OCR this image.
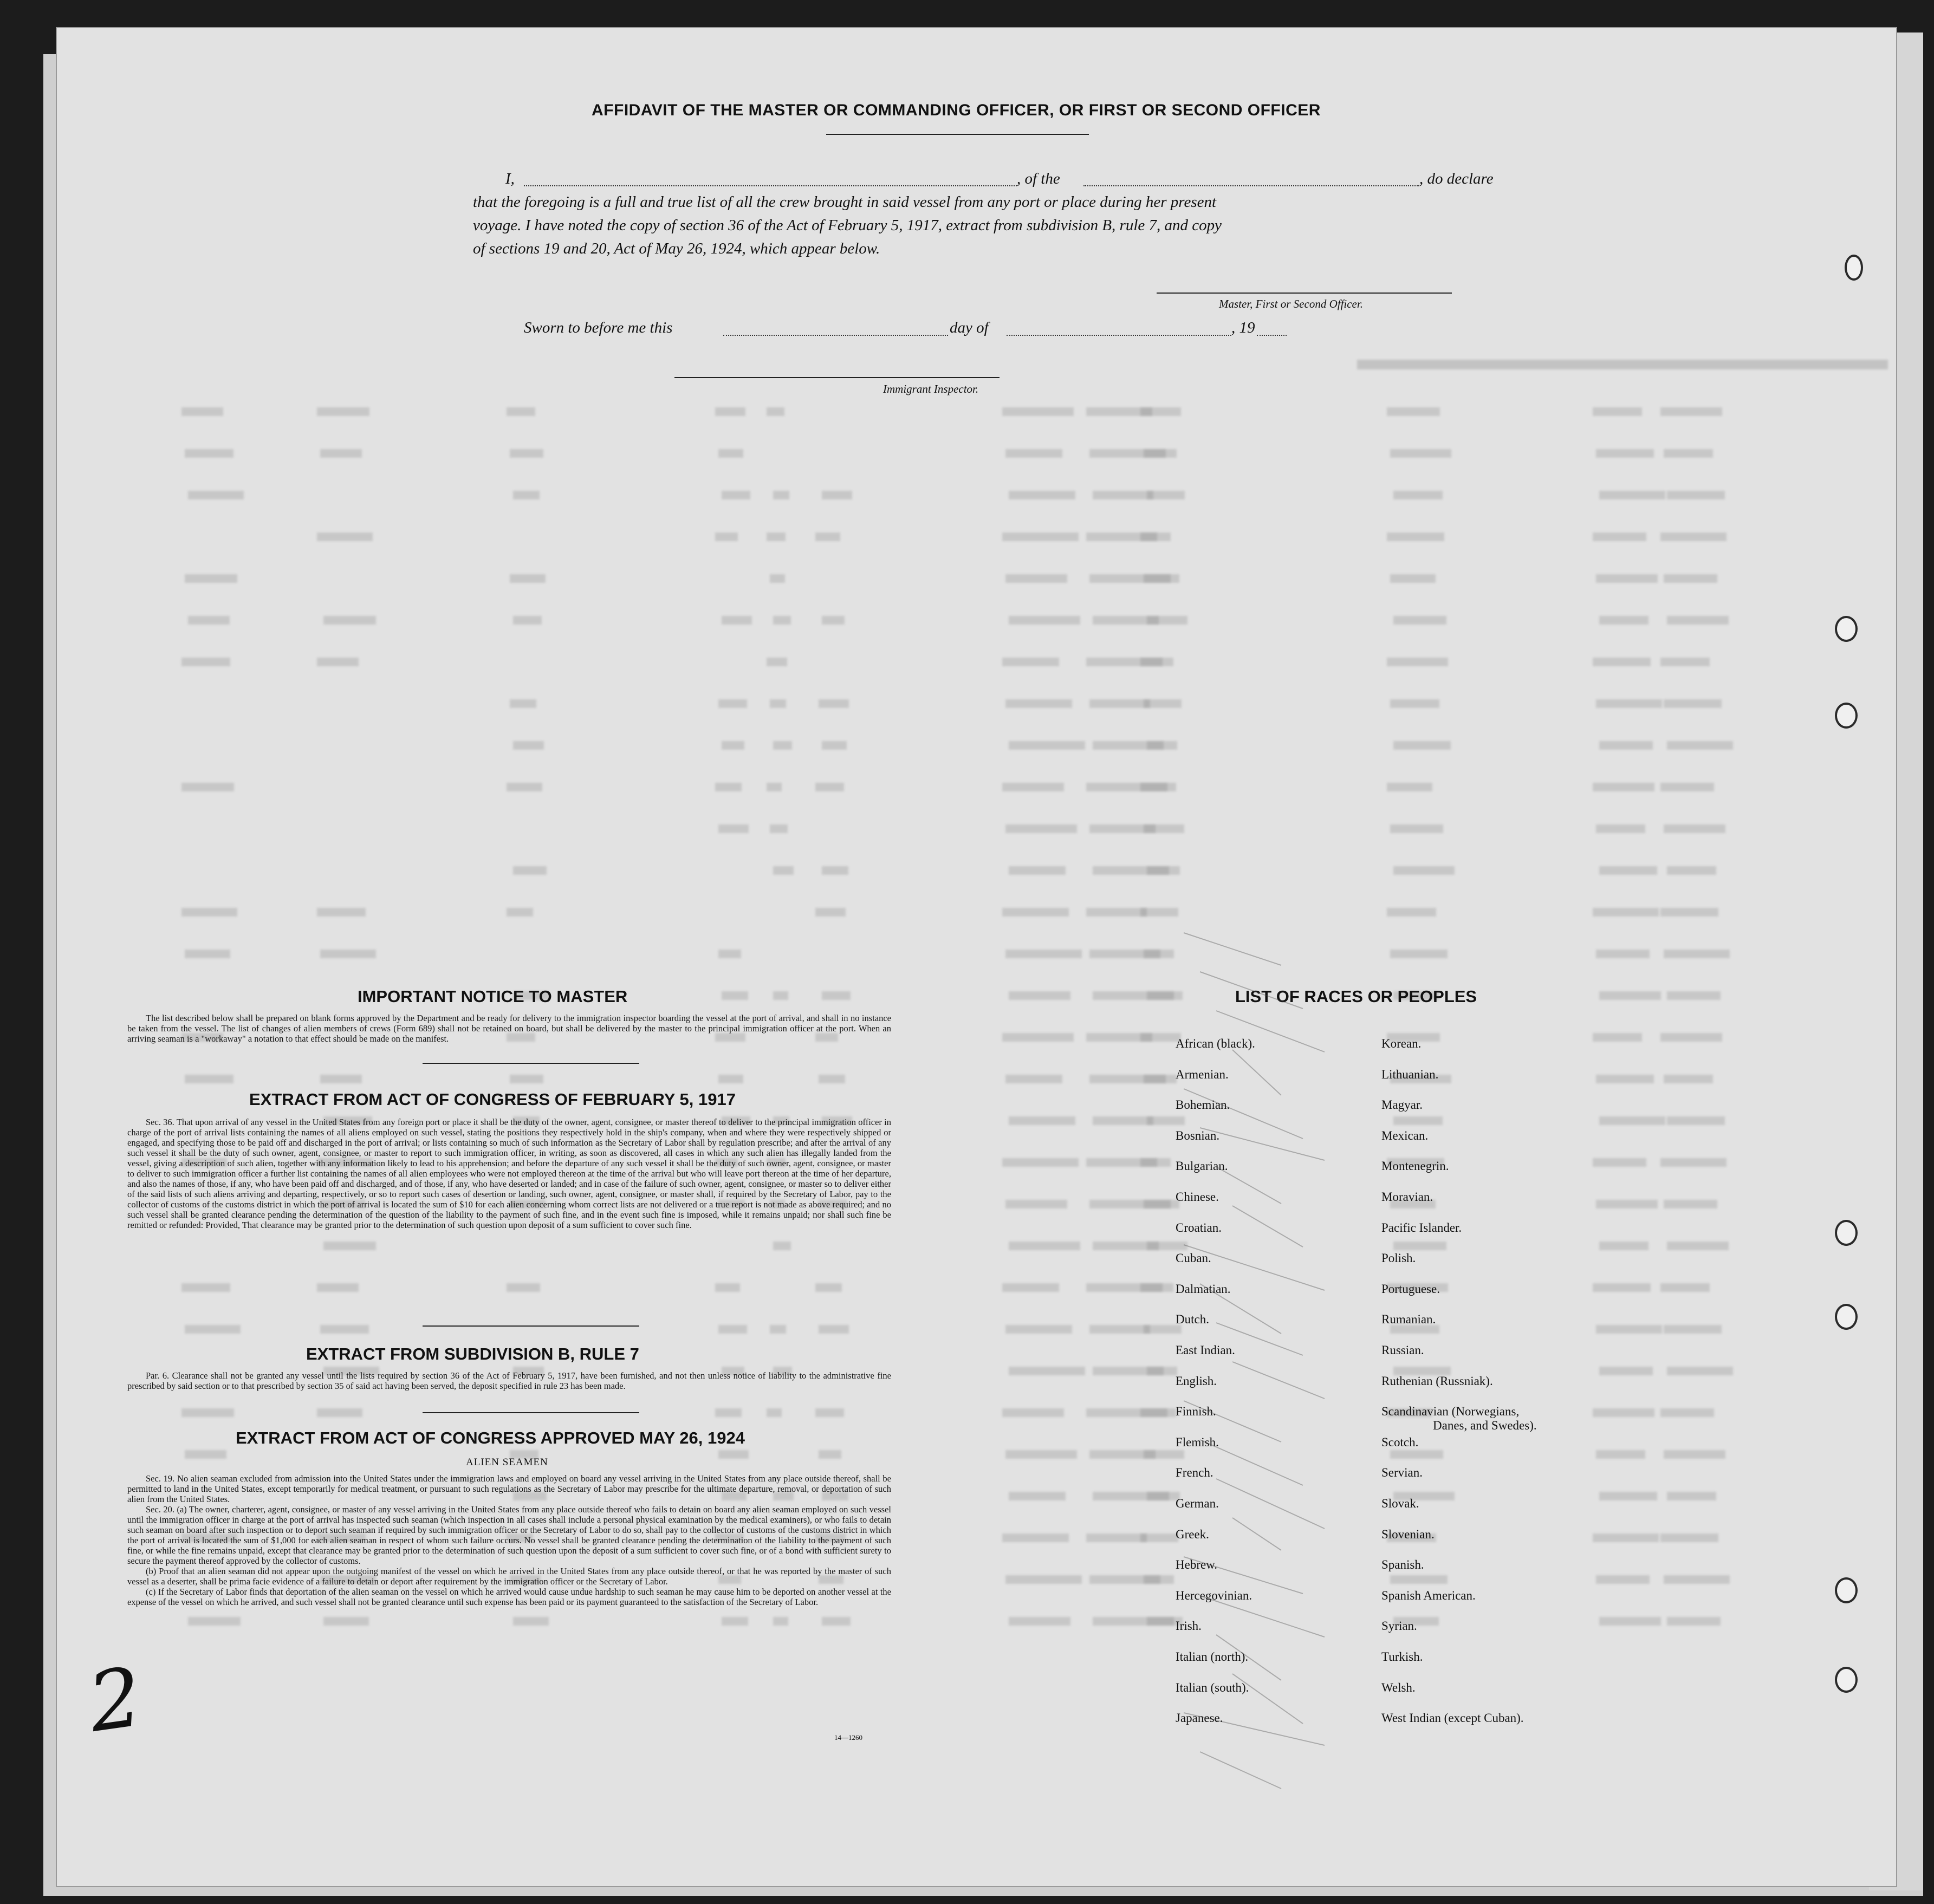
AFFIDAVIT OF THE MASTER OR COMMANDING OFFICER, OR FIRST OR SECOND OFFICER
I,	, of the	, do declare
that the foregoing is a full and true list of all the crew brought in said vessel from any port or place during her present
voyage. I have noted the copy of section 36 of the Act of February 5, 1917, extract from subdivision B, rule 7, and copy
of sections 19 and 20, Act of May 26, 1924, which appear below.
Master, First or Second Officer.
Sworn to before me this	day of	, 19
Immigrant Inspector.
IMPORTANT NOTICE TO MASTER

The list described below shall be prepared on blank forms approved by the Department and be ready for delivery to the immigration inspector boarding the vessel at the port of arrival, and shall in no instance be taken from the vessel. The list of changes of alien members of crews (Form 689) shall not be retained on board, but shall be delivered by the master to the principal immigration officer at the port. When an arriving seaman is a "workaway" a notation to that effect should be made on the manifest.

EXTRACT FROM ACT OF CONGRESS OF FEBRUARY 5, 1917

Sec. 36. That upon arrival of any vessel in the United States from any foreign port or place it shall be the duty of the owner, agent, consignee, or master thereof to deliver to the principal immigration officer in charge of the port of arrival lists containing the names of all aliens employed on such vessel, stating the positions they respectively hold in the ship's company, when and where they were respectively shipped or engaged, and specifying those to be paid off and discharged in the port of arrival; or lists containing so much of such information as the Secretary of Labor shall by regulation prescribe; and after the arrival of any such vessel it shall be the duty of such owner, agent, consignee, or master to report to such immigration officer, in writing, as soon as discovered, all cases in which any such alien has illegally landed from the vessel, giving a description of such alien, together with any information likely to lead to his apprehension; and before the departure of any such vessel it shall be the duty of such owner, agent, consignee, or master to deliver to such immigration officer a further list containing the names of all alien employees who were not employed thereon at the time of the arrival but who will leave port thereon at the time of her departure, and also the names of those, if any, who have been paid off and discharged, and of those, if any, who have deserted or landed; and in case of the failure of such owner, agent, consignee, or master so to deliver either of the said lists of such aliens arriving and departing, respectively, or so to report such cases of desertion or landing, such owner, agent, consignee, or master shall, if required by the Secretary of Labor, pay to the collector of customs of the customs district in which the port of arrival is located the sum of $10 for each alien concerning whom correct lists are not delivered or a true report is not made as above required; and no such vessel shall be granted clearance pending the determination of the question of the liability to the payment of such fine, and in the event such fine is imposed, while it remains unpaid; nor shall such fine be remitted or refunded: Provided, That clearance may be granted prior to the determination of such question upon deposit of a sum sufficient to cover such fine.

EXTRACT FROM SUBDIVISION B, RULE 7

Par. 6. Clearance shall not be granted any vessel until the lists required by section 36 of the Act of February 5, 1917, have been furnished, and not then unless notice of liability to the administrative fine prescribed by said section or to that prescribed by section 35 of said act having been served, the deposit specified in rule 23 has been made.

EXTRACT FROM ACT OF CONGRESS APPROVED MAY 26, 1924
ALIEN SEAMEN

Sec. 19. No alien seaman excluded from admission into the United States under the immigration laws and employed on board any vessel arriving in the United States from any place outside thereof, shall be permitted to land in the United States, except temporarily for medical treatment, or pursuant to such regulations as the Secretary of Labor may prescribe for the ultimate departure, removal, or deportation of such alien from the United States.

Sec. 20. (a) The owner, charterer, agent, consignee, or master of any vessel arriving in the United States from any place outside thereof who fails to detain on board any alien seaman employed on such vessel until the immigration officer in charge at the port of arrival has inspected such seaman (which inspection in all cases shall include a personal physical examination by the medical examiners), or who fails to detain such seaman on board after such inspection or to deport such seaman if required by such immigration officer or the Secretary of Labor to do so, shall pay to the collector of customs of the customs district in which the port of arrival is located the sum of $1,000 for each alien seaman in respect of whom such failure occurs. No vessel shall be granted clearance pending the determination of the liability to the payment of such fine, or while the fine remains unpaid, except that clearance may be granted prior to the determination of such question upon the deposit of a sum sufficient to cover such fine, or of a bond with sufficient surety to secure the payment thereof approved by the collector of customs.

(b) Proof that an alien seaman did not appear upon the outgoing manifest of the vessel on which he arrived in the United States from any place outside thereof, or that he was reported by the master of such vessel as a deserter, shall be prima facie evidence of a failure to detain or deport after requirement by the immigration officer or the Secretary of Labor.

(c) If the Secretary of Labor finds that deportation of the alien seaman on the vessel on which he arrived would cause undue hardship to such seaman he may cause him to be deported on another vessel at the expense of the vessel on which he arrived, and such vessel shall not be granted clearance until such expense has been paid or its payment guaranteed to the satisfaction of the Secretary of Labor.

14—1260
LIST OF RACES OR PEOPLES
African (black).
Armenian.
Bohemian.
Bosnian.
Bulgarian.
Chinese.
Croatian.
Cuban.
Dalmatian.
Dutch.
East Indian.
English.
Finnish.
Flemish.
French.
German.
Greek.
Hebrew.
Hercegovinian.
Irish.
Italian (north).
Italian (south).
Japanese.
Korean.
Lithuanian.
Magyar.
Mexican.
Montenegrin.
Moravian.
Pacific Islander.
Polish.
Portuguese.
Rumanian.
Russian.
Ruthenian (Russniak).
Scandinavian (Norwegians,
Danes, and Swedes).
Scotch.
Servian.
Slovak.
Slovenian.
Spanish.
Spanish American.
Syrian.
Turkish.
Welsh.
West Indian (except Cuban).
2
